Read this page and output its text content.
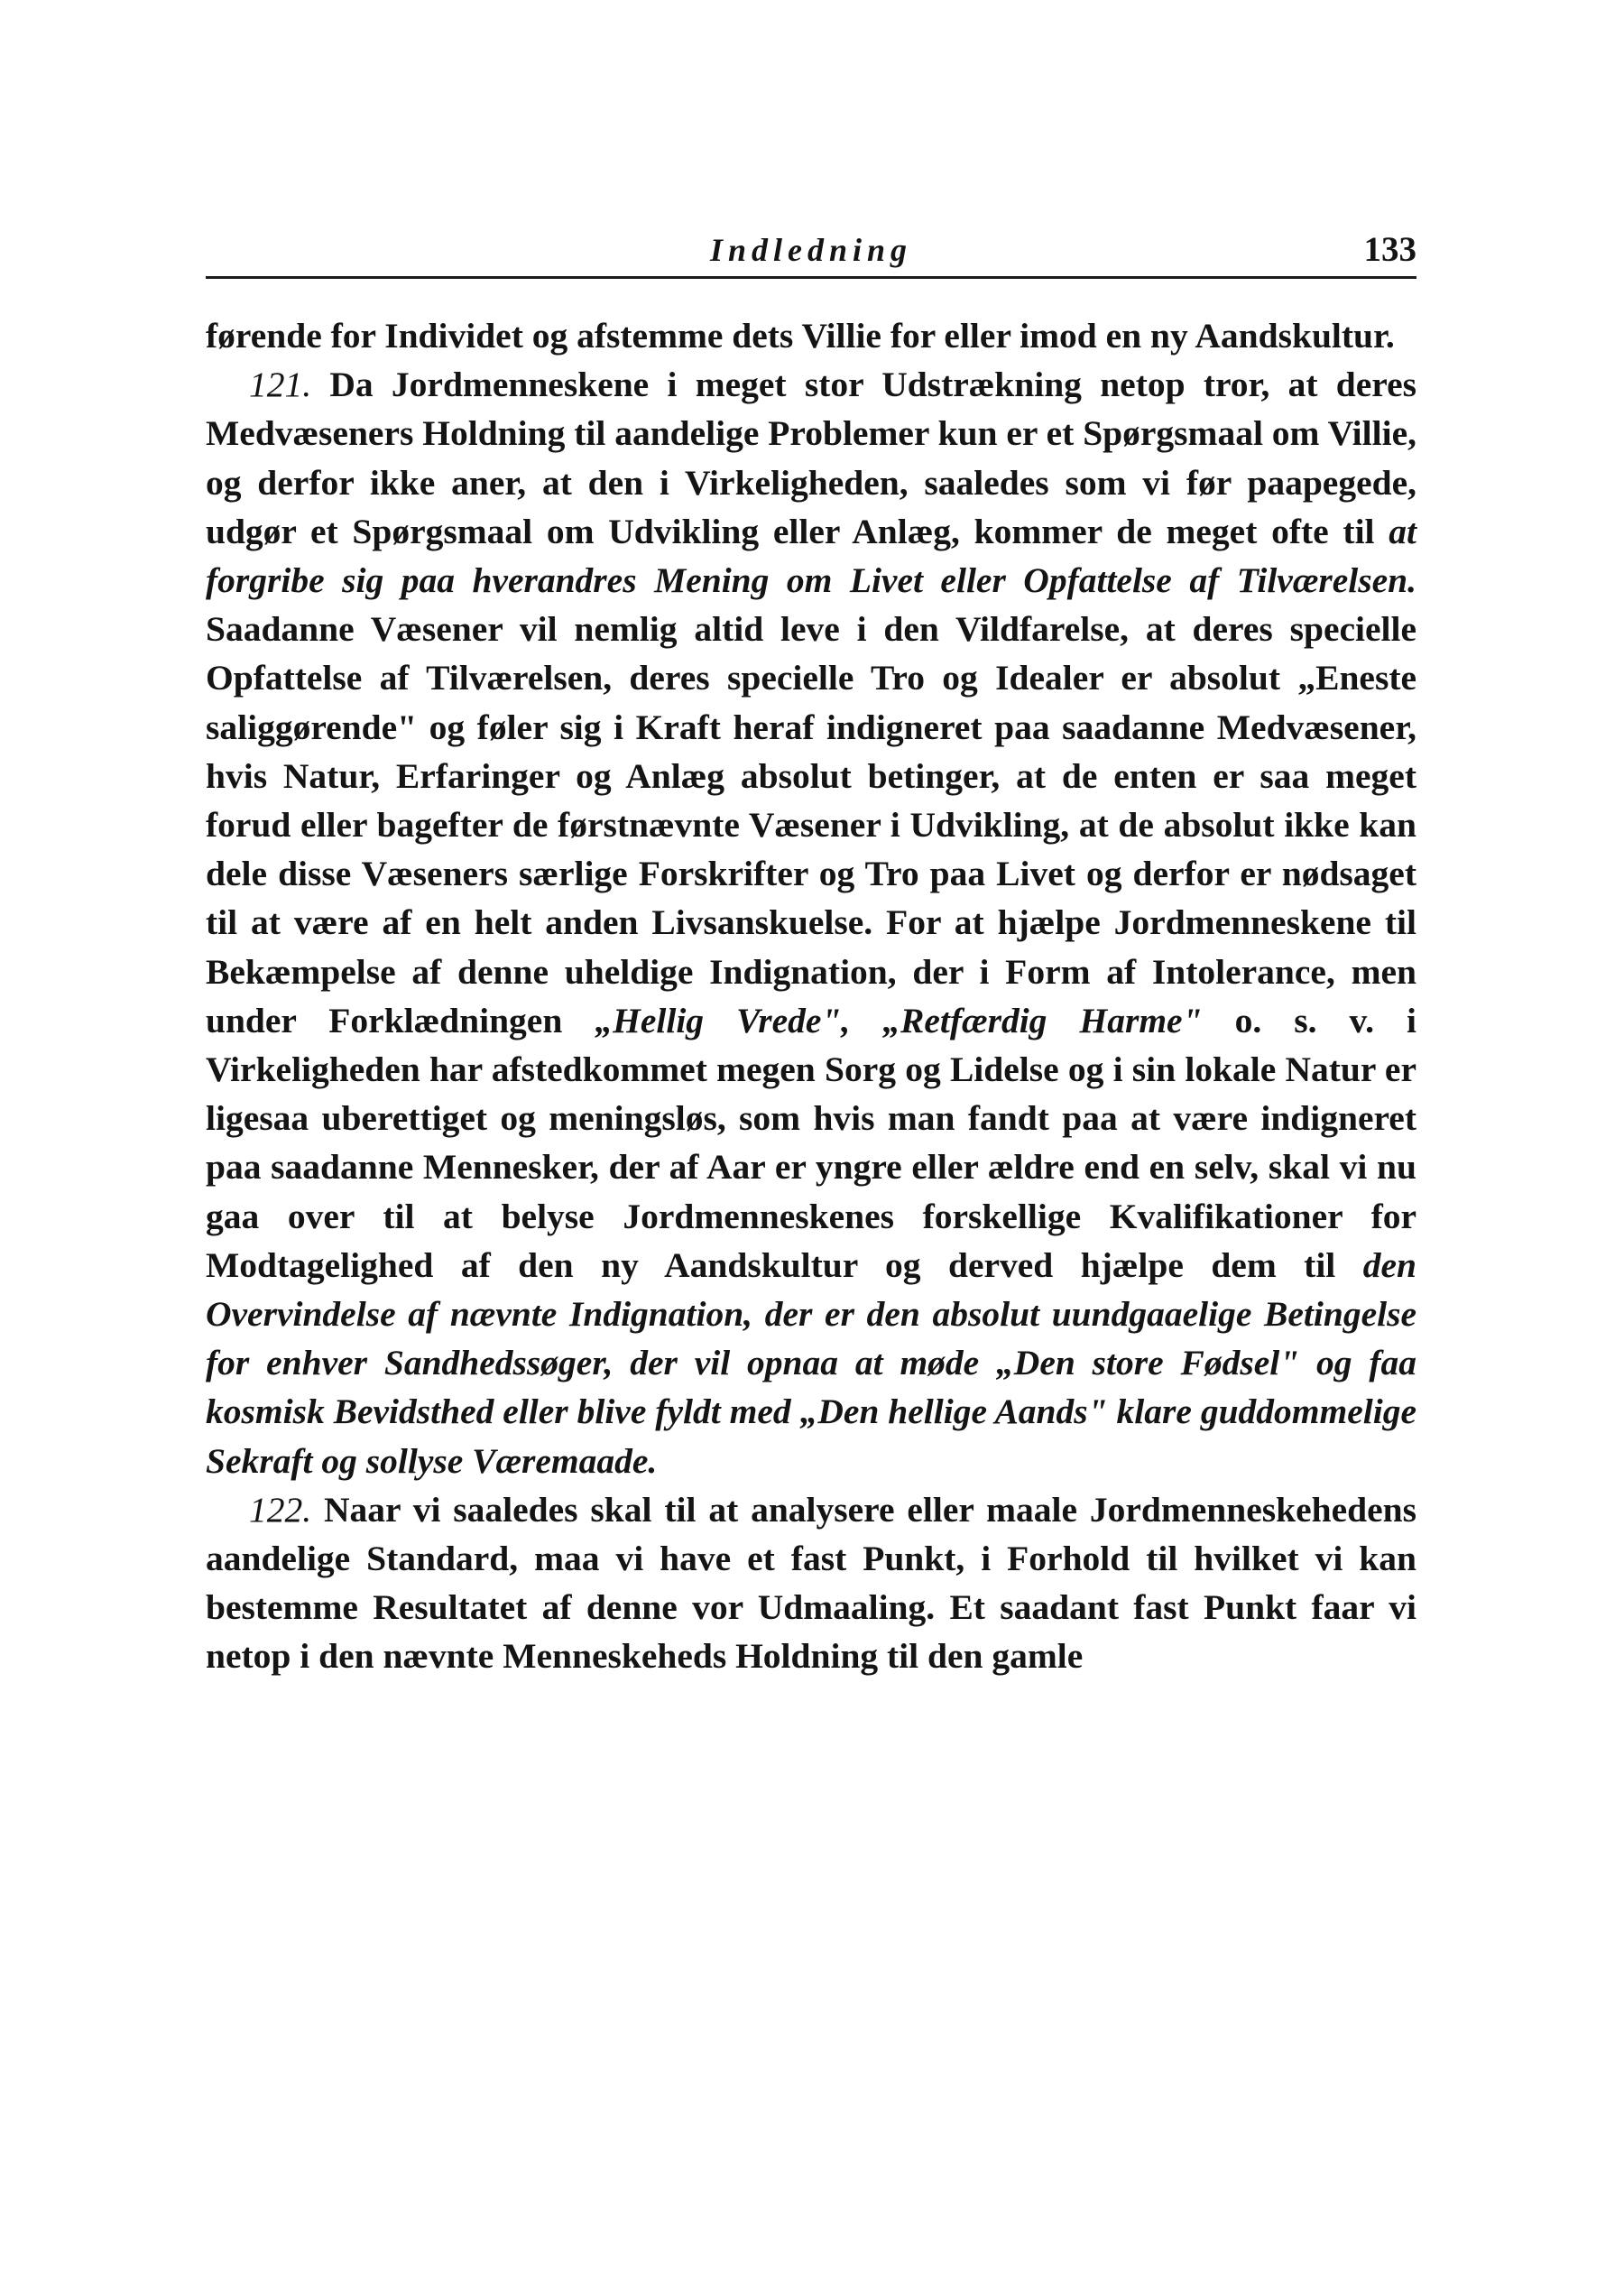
Indledning	133

førende for Individet og afstemme dets Villie for eller imod en ny Aandskultur.

121. Da Jordmenneskene i meget stor Udstrækning netop tror, at deres Medvæseners Holdning til aandelige Problemer kun er et Spørgsmaal om Villie, og derfor ikke aner, at den i Virkeligheden, saaledes som vi før paapegede, udgør et Spørgsmaal om Udvikling eller Anlæg, kommer de meget ofte til at forgribe sig paa hverandres Mening om Livet eller Opfattelse af Tilværelsen. Saadanne Væsener vil nemlig altid leve i den Vildfarelse, at deres specielle Opfattelse af Tilværelsen, deres specielle Tro og Idealer er absolut „Eneste saliggørende" og føler sig i Kraft heraf indigneret paa saadanne Medvæsener, hvis Natur, Erfaringer og Anlæg absolut betinger, at de enten er saa meget forud eller bagefter de førstnævnte Væsener i Udvikling, at de absolut ikke kan dele disse Væseners særlige Forskrifter og Tro paa Livet og derfor er nødsaget til at være af en helt anden Livsanskuelse. For at hjælpe Jordmenneskene til Bekæmpelse af denne uheldige Indignation, der i Form af Intolerance, men under Forklædningen „Hellig Vrede", „Retfærdig Harme" o. s. v. i Virkeligheden har afstedkommet megen Sorg og Lidelse og i sin lokale Natur er ligesaa uberettiget og meningsløs, som hvis man fandt paa at være indigneret paa saadanne Mennesker, der af Aar er yngre eller ældre end en selv, skal vi nu gaa over til at belyse Jordmenneskenes forskellige Kvalifikationer for Modtagelighed af den ny Aandskultur og derved hjælpe dem til den Overvindelse af nævnte Indignation, der er den absolut uundgaaelige Betingelse for enhver Sandhedssøger, der vil opnaa at møde „Den store Fødsel" og faa kosmisk Bevidsthed eller blive fyldt med „Den hellige Aands" klare guddommelige Sekraft og sollyse Væremaade.

122. Naar vi saaledes skal til at analysere eller maale Jordmenneskehedens aandelige Standard, maa vi have et fast Punkt, i Forhold til hvilket vi kan bestemme Resultatet af denne vor Udmaaling. Et saadant fast Punkt faar vi netop i den nævnte Menneskeheds Holdning til den gamle
